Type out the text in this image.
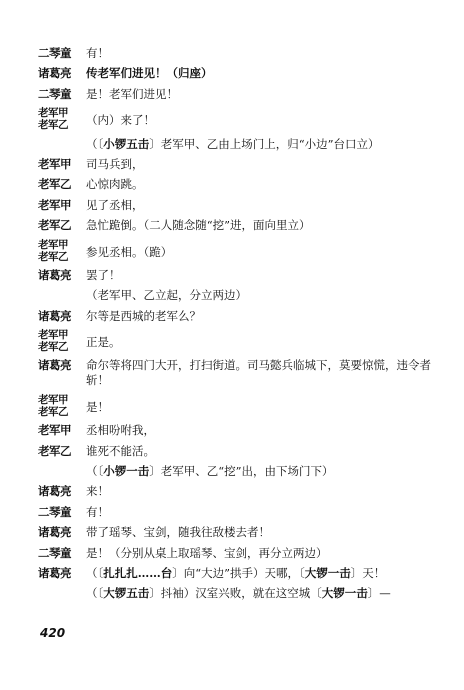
二琴童	有！
诸葛亮	传老军们进见！（归座）
二琴童	是！老军们进见！
老军甲
老军乙	（内）来了！
（〔小锣五击〕老军甲、乙由上场门上，归“小边”台口立）
老军甲	司马兵到，
老军乙	心惊肉跳。
老军甲	见了丞相，
老军乙	急忙跪倒。（二人随念随“挖”进，面向里立）
老军甲
老军乙	参见丞相。（跪）
诸葛亮	罢了！
（老军甲、乙立起，分立两边）
诸葛亮	尔等是西城的老军么？
老军甲
老军乙	正是。
诸葛亮	命尔等将四门大开，打扫街道。司马懿兵临城下，莫要惊慌，违令者斩！
老军甲
老军乙	是！
老军甲	丞相吩咐我，
老军乙	谁死不能活。
（〔小锣一击〕老军甲、乙“挖”出，由下场门下）
诸葛亮	来！
二琴童	有！
诸葛亮	带了瑶琴、宝剑，随我往敌楼去者！
二琴童	是！（分别从桌上取瑶琴、宝剑，再分立两边）
诸葛亮	（〔扎扎扎……台〕向“大边”拱手）天哪，〔大锣一击〕天！
（〔大锣五击〕抖袖）汉室兴败，就在这空城〔大锣一击〕—
420
